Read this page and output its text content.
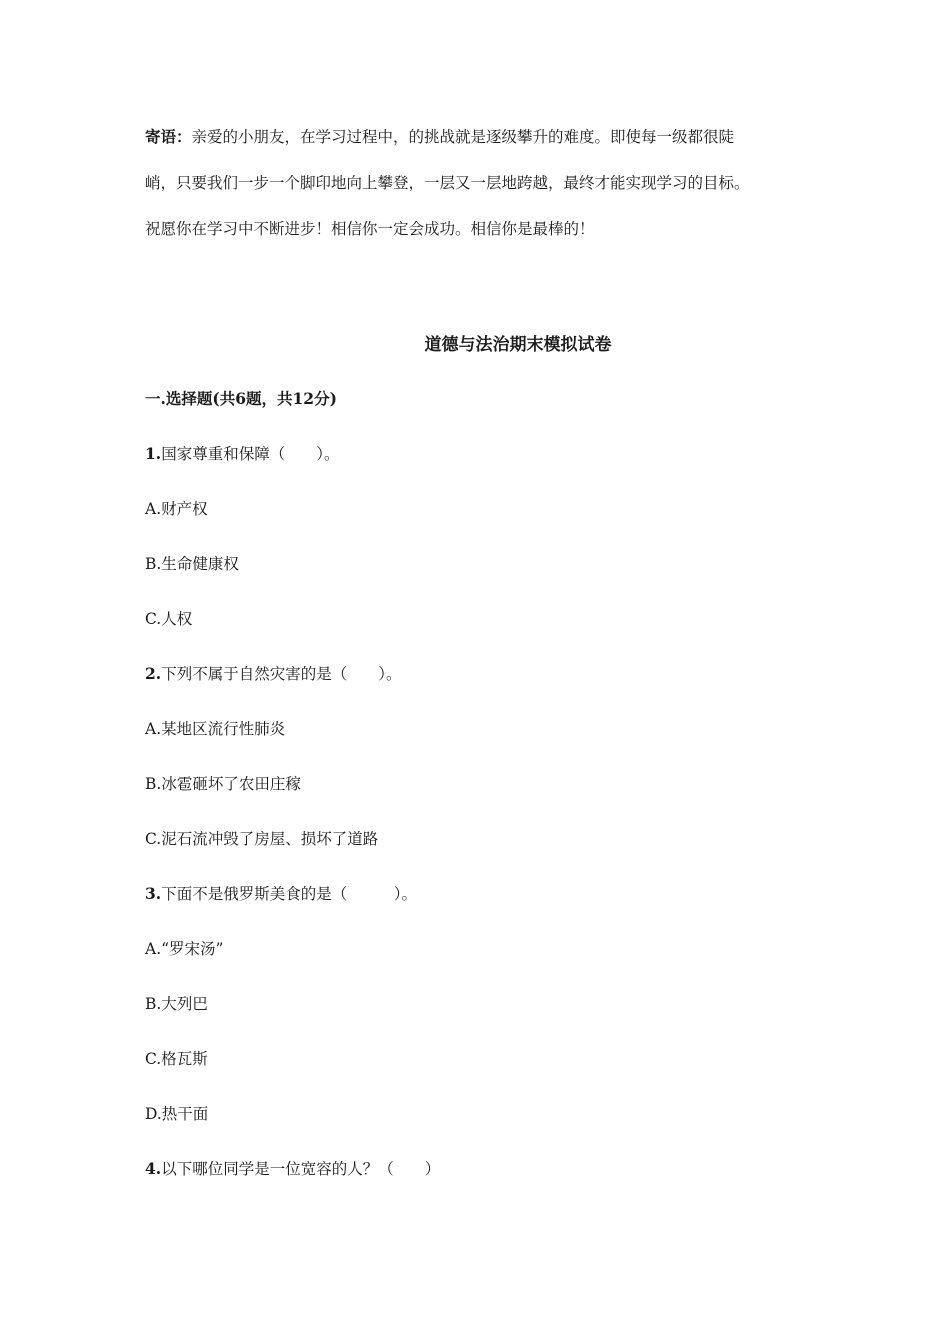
寄语：亲爱的小朋友，在学习过程中，的挑战就是逐级攀升的难度。即使每一级都很陡
峭，只要我们一步一个脚印地向上攀登，一层又一层地跨越，最终才能实现学习的目标。
祝愿你在学习中不断进步！相信你一定会成功。相信你是最棒的！

道德与法治期末模拟试卷
一.选择题(共6题，共12分)
1.国家尊重和保障（　　）。
A.财产权
B.生命健康权
C.人权
2.下列不属于自然灾害的是（　　）。
A.某地区流行性肺炎
B.冰雹砸坏了农田庄稼
C.泥石流冲毁了房屋、损坏了道路
3.下面不是俄罗斯美食的是（　　　）。
A.“罗宋汤”
B.大列巴
C.格瓦斯
D.热干面
4.以下哪位同学是一位宽容的人？（　　）
